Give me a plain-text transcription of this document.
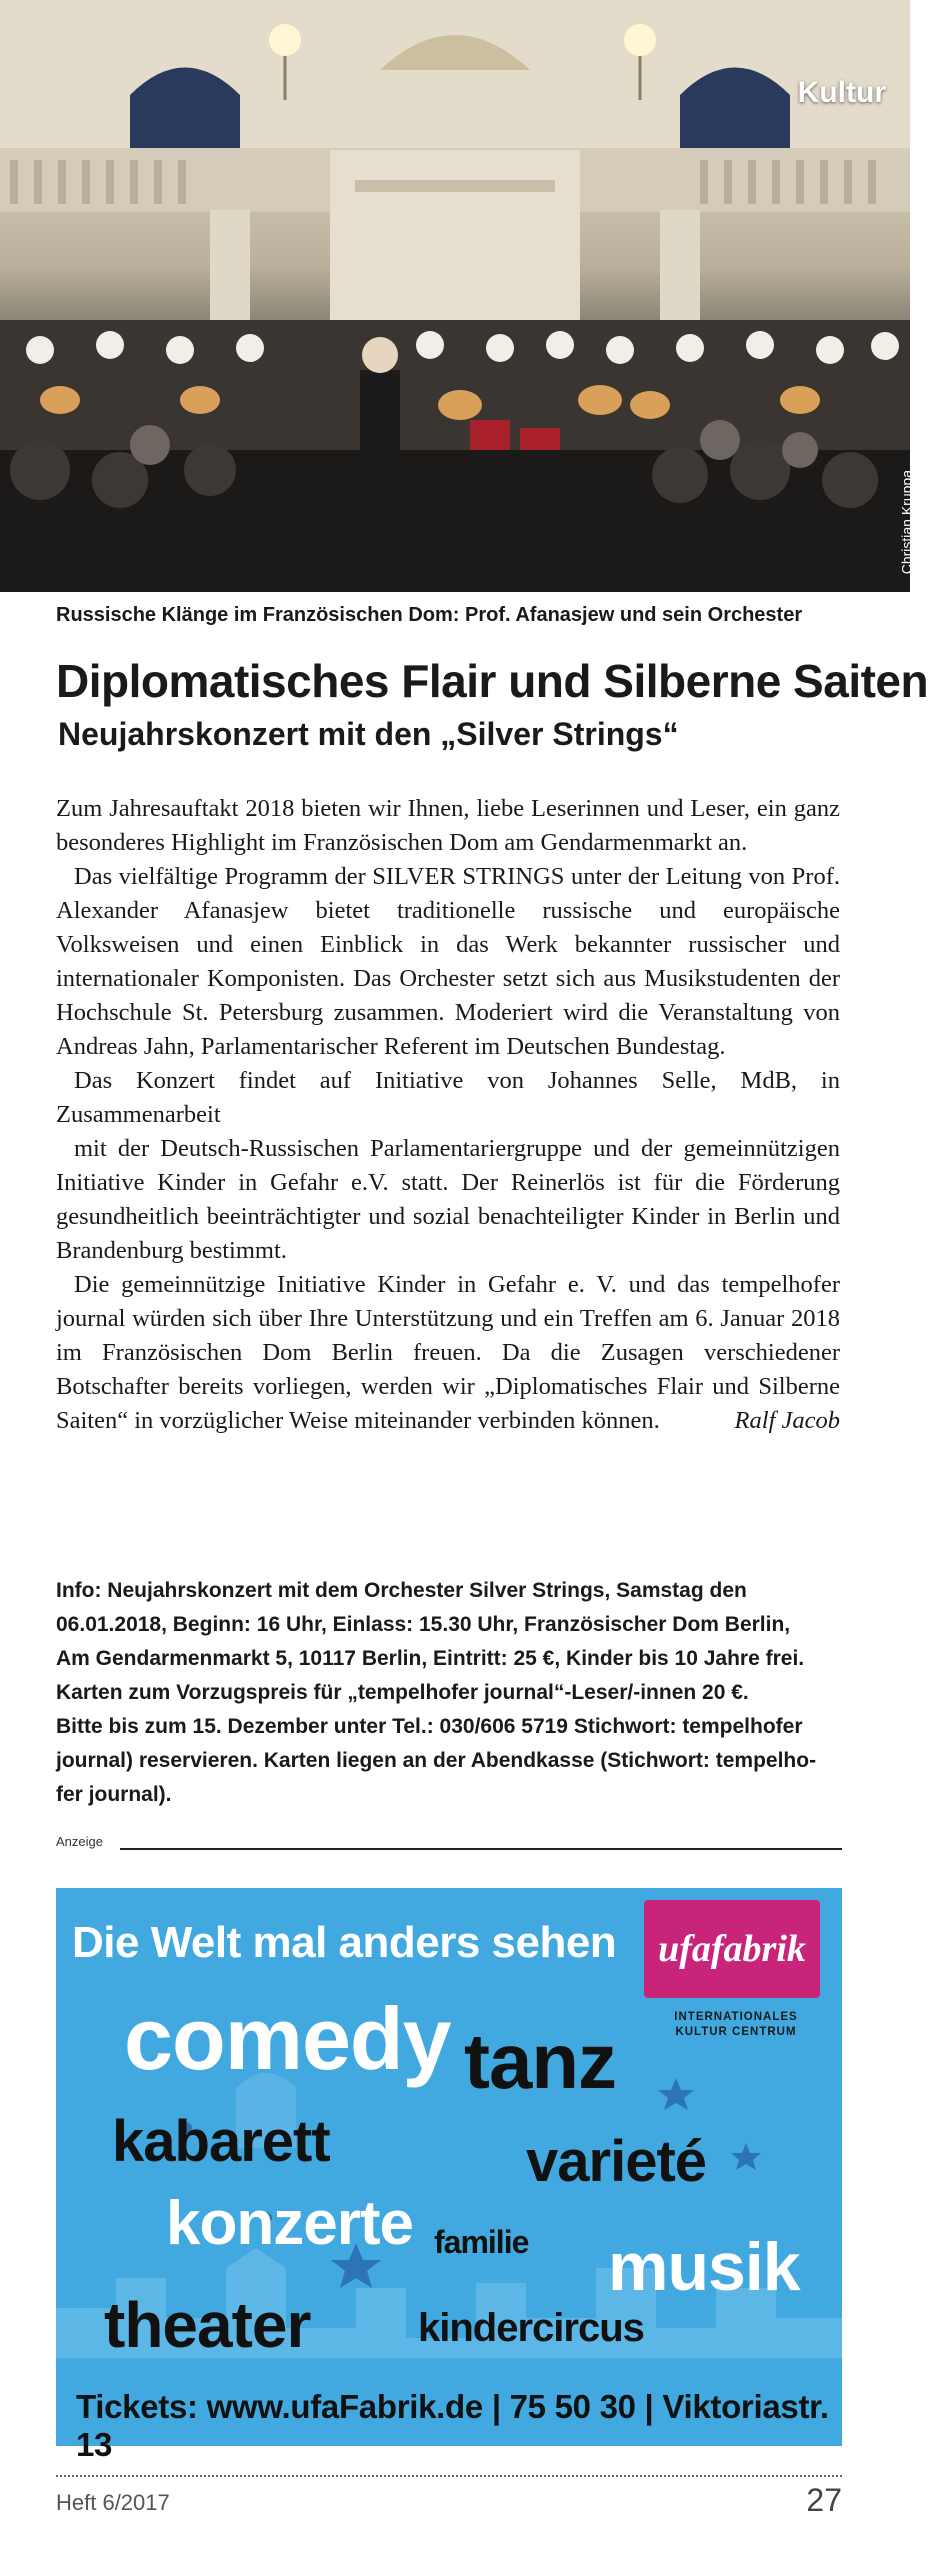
Kultur
Christian Kruppa
Russische Klänge im Französischen Dom: Prof. Afanasjew und sein Orchester
Diplomatisches Flair und Silberne Saiten
Neujahrskonzert mit den „Silver Strings“

Zum Jahresauftakt 2018 bieten wir Ihnen, liebe Leserinnen und Leser, ein ganz besonderes Highlight im Französischen Dom am Gendarmenmarkt an.

Das vielfältige Programm der SILVER STRINGS unter der Leitung von Prof. Alexander Afanasjew bietet traditionelle russische und europäische Volksweisen und einen Einblick in das Werk bekannter russischer und internationaler Komponisten. Das Orchester setzt sich aus Musikstudenten der Hochschule St. Petersburg zusammen. Moderiert wird die Veranstaltung von Andreas Jahn, Parlamentarischer Referent im Deutschen Bundestag.

Das Konzert findet auf Initiative von Johannes Selle, MdB, in Zusammenarbeit

mit der Deutsch-Russischen Parlamentariergruppe und der gemeinnützigen Initiative Kinder in Gefahr e.V. statt. Der Reinerlös ist für die Förderung gesundheitlich beeinträchtigter und sozial benachteiligter Kinder in Berlin und Brandenburg bestimmt.

Die gemeinnützige Initiative Kinder in Gefahr e. V. und das tempelhofer journal würden sich über Ihre Unterstützung und ein Treffen am 6. Januar 2018 im Französischen Dom Berlin freuen. Da die Zusagen verschiedener Botschafter bereits vorliegen, werden wir „Diplomatisches Flair und Silberne Saiten“ in vorzüglicher Weise miteinander verbinden können.	Ralf Jacob

Info: Neujahrskonzert mit dem Orchester Silver Strings, Samstag den
06.01.2018, Beginn: 16 Uhr, Einlass: 15.30 Uhr, Französischer Dom Berlin,
Am Gendarmenmarkt 5, 10117 Berlin, Eintritt: 25 €, Kinder bis 10 Jahre frei.
Karten zum Vorzugspreis für „tempelhofer journal“-Leser/-innen 20 €.
Bitte bis zum 15. Dezember unter Tel.: 030/606 5719 Stichwort: tempelhofer
journal) reservieren. Karten liegen an der Abendkasse (Stichwort: tempelho-
fer journal).
Anzeige
Die Welt mal anders sehen ufafabrik
INTERNATIONALES KULTUR CENTRUM
comedy tanz
kabarett	varieté
konzerte familie musik
theater	kindercircus
Tickets: www.ufaFabrik.de | 75 50 30 | Viktoriastr. 13
Heft 6/2017	27
